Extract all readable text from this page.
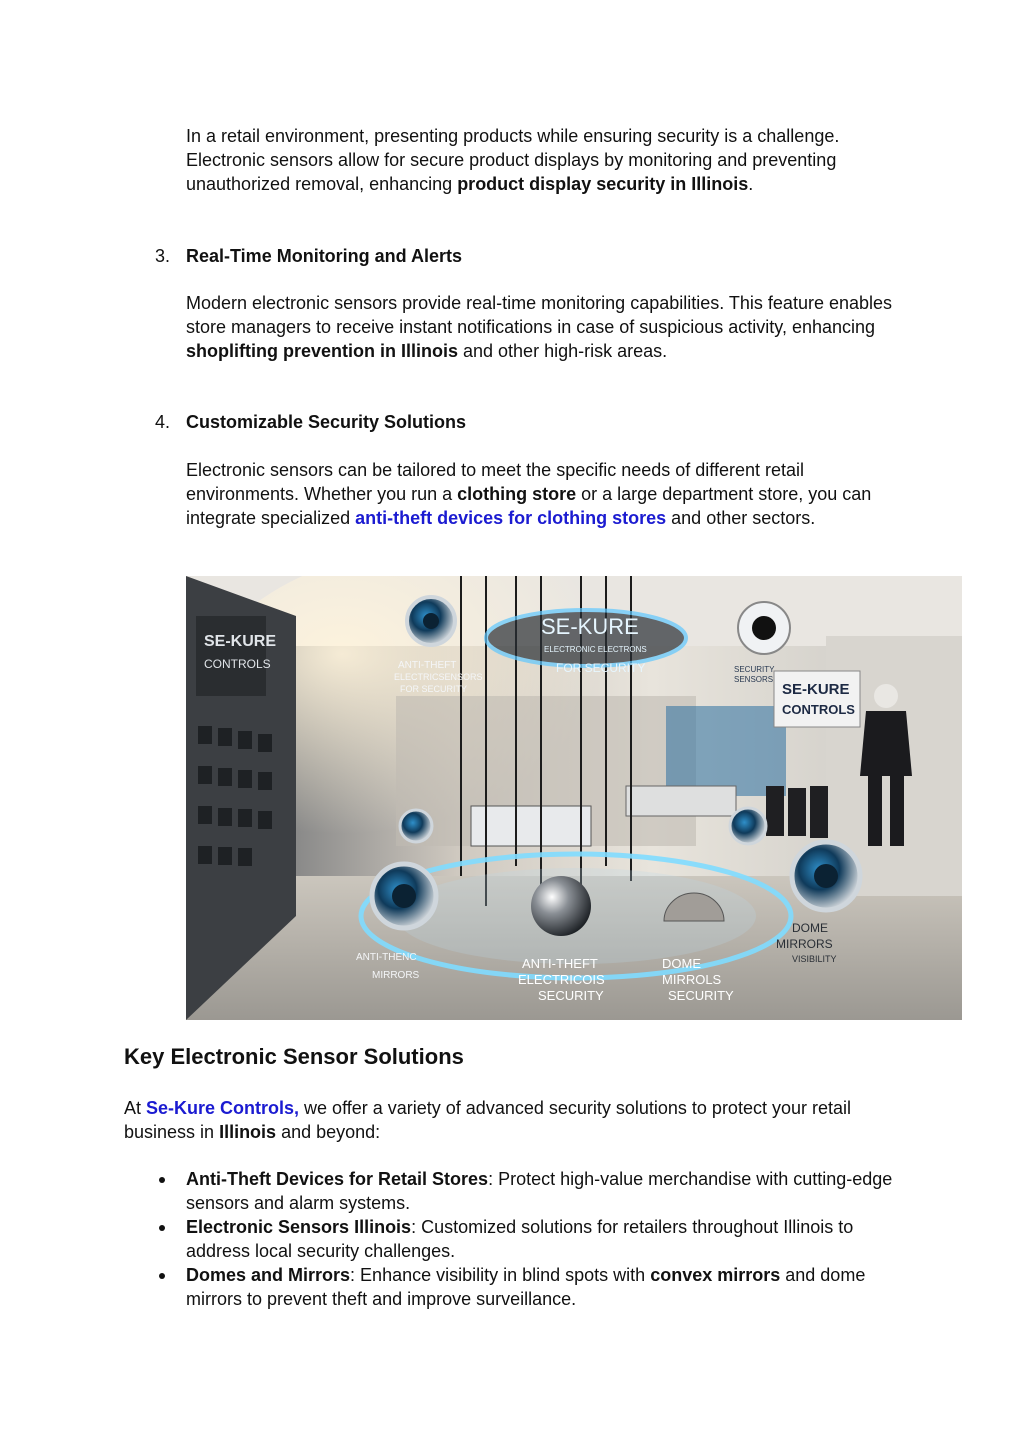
In a retail environment, presenting products while ensuring security is a challenge. Electronic sensors allow for secure product displays by monitoring and preventing unauthorized removal, enhancing product display security in Illinois.

3. Real-Time Monitoring and Alerts

Modern electronic sensors provide real-time monitoring capabilities. This feature enables store managers to receive instant notifications in case of suspicious activity, enhancing shoplifting prevention in Illinois and other high-risk areas.

4. Customizable Security Solutions

Electronic sensors can be tailored to meet the specific needs of different retail environments. Whether you run a clothing store or a large department store, you can integrate specialized anti-theft devices for clothing stores and other sectors.

SE-KURE
CONTROLS
SE-KURE
CONTROLS
SE-KURE
ELECTRONIC ELECTRONS
FOR SECURITY
ANTI-THEFT
ELECTRICSENSORS
FOR SECURITY
SECURITY
SENSORS
ANTI-THENC
MIRRORS
ANTI-THEFT
ELECTRICOIS
SECURITY
DOME
MIRROLS
SECURITY
DOME
MIRRORS
VISIBILITY
Key Electronic Sensor Solutions

At Se-Kure Controls, we offer a variety of advanced security solutions to protect your retail business in Illinois and beyond:

Anti-Theft Devices for Retail Stores: Protect high-value merchandise with cutting-edge sensors and alarm systems.
Electronic Sensors Illinois: Customized solutions for retailers throughout Illinois to address local security challenges.
Domes and Mirrors: Enhance visibility in blind spots with convex mirrors and dome mirrors to prevent theft and improve surveillance.
